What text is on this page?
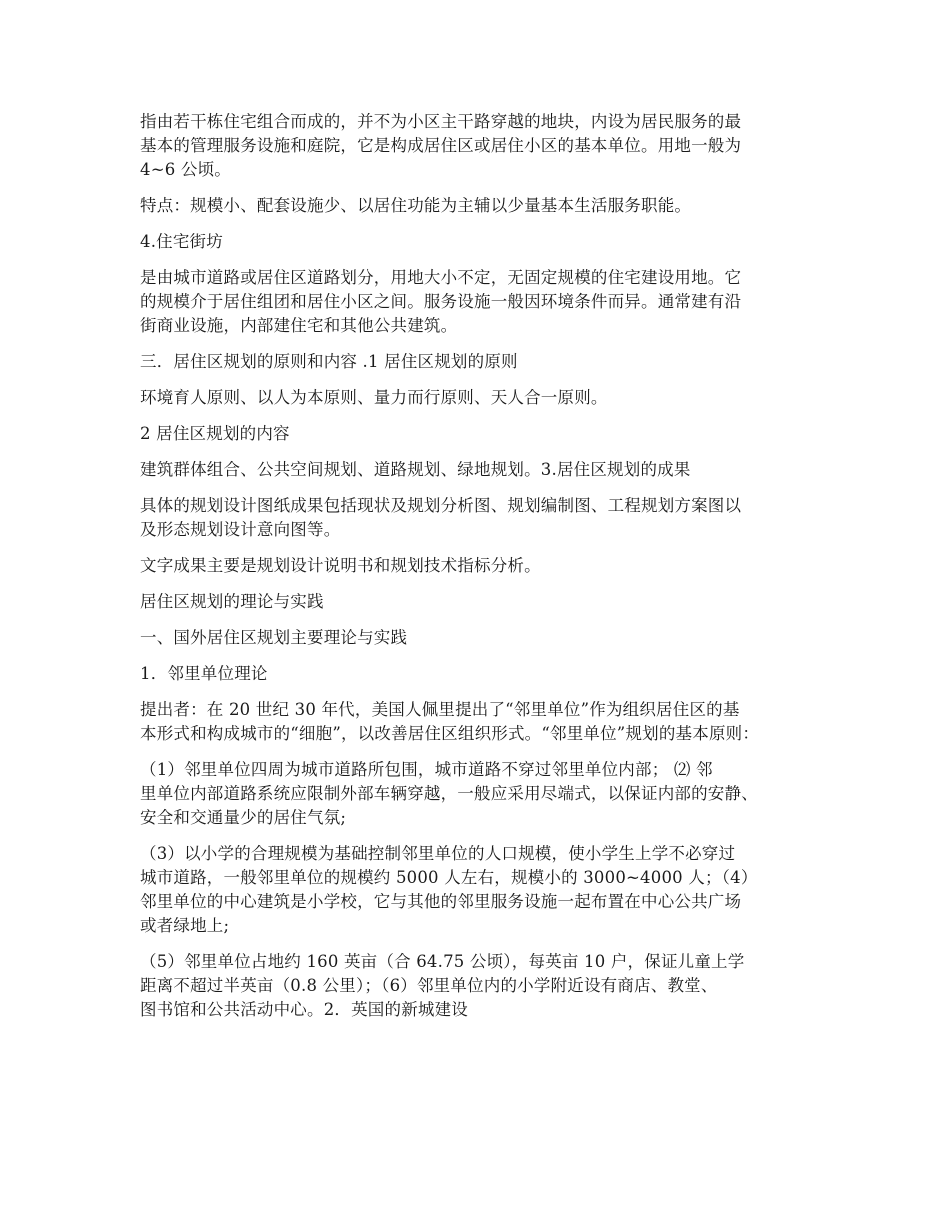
指由若干栋住宅组合而成的，并不为小区主干路穿越的地块，内设为居民服务的最
基本的管理服务设施和庭院，它是构成居住区或居住小区的基本单位。用地一般为
4~6 公顷。

特点：规模小、配套设施少、以居住功能为主辅以少量基本生活服务职能。

4.住宅街坊

是由城市道路或居住区道路划分，用地大小不定，无固定规模的住宅建设用地。它
的规模介于居住组团和居住小区之间。服务设施一般因环境条件而异。通常建有沿
街商业设施，内部建住宅和其他公共建筑。

三．居住区规划的原则和内容 .1 居住区规划的原则

环境育人原则、以人为本原则、量力而行原则、天人合一原则。

2 居住区规划的内容

建筑群体组合、公共空间规划、道路规划、绿地规划。3.居住区规划的成果

具体的规划设计图纸成果包括现状及规划分析图、规划编制图、工程规划方案图以
及形态规划设计意向图等。

文字成果主要是规划设计说明书和规划技术指标分析。

居住区规划的理论与实践

一、国外居住区规划主要理论与实践

1．邻里单位理论

提出者：在 20 世纪 30 年代，美国人佩里提出了“邻里单位”作为组织居住区的基
本形式和构成城市的“细胞”，以改善居住区组织形式。“邻里单位”规划的基本原则：

（1）邻里单位四周为城市道路所包围，城市道路不穿过邻里单位内部； ⑵ 邻
里单位内部道路系统应限制外部车辆穿越，一般应采用尽端式，以保证内部的安静、
安全和交通量少的居住气氛;

（3）以小学的合理规模为基础控制邻里单位的人口规模，使小学生上学不必穿过
城市道路，一般邻里单位的规模约 5000 人左右，规模小的 3000~4000 人；（4）
邻里单位的中心建筑是小学校，它与其他的邻里服务设施一起布置在中心公共广场
或者绿地上;

（5）邻里单位占地约 160 英亩（合 64.75 公顷），每英亩 10 户，保证儿童上学
距离不超过半英亩（0.8 公里）；（6）邻里单位内的小学附近设有商店、教堂、
图书馆和公共活动中心。2．英国的新城建设
